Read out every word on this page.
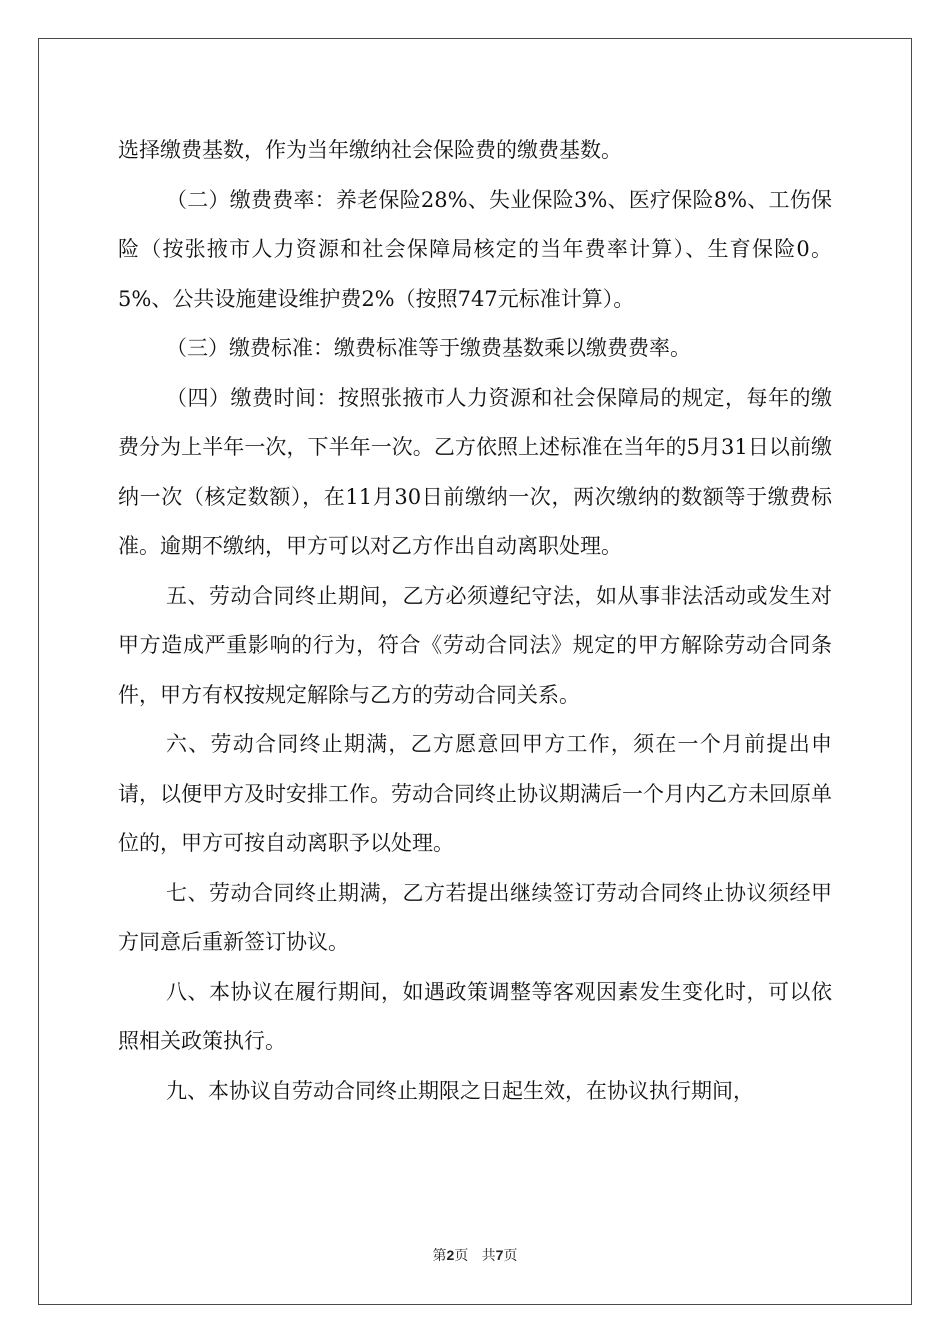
选择缴费基数，作为当年缴纳社会保险费的缴费基数。

（二）缴费费率：养老保险28%、失业保险3%、医疗保险8%、工伤保险（按张掖市人力资源和社会保障局核定的当年费率计算）、生育保险0。5%、公共设施建设维护费2%（按照747元标准计算）。

（三）缴费标准：缴费标准等于缴费基数乘以缴费费率。

（四）缴费时间：按照张掖市人力资源和社会保障局的规定，每年的缴费分为上半年一次，下半年一次。乙方依照上述标准在当年的5月31日以前缴纳一次（核定数额），在11月30日前缴纳一次，两次缴纳的数额等于缴费标准。逾期不缴纳，甲方可以对乙方作出自动离职处理。

五、劳动合同终止期间，乙方必须遵纪守法，如从事非法活动或发生对甲方造成严重影响的行为，符合《劳动合同法》规定的甲方解除劳动合同条件，甲方有权按规定解除与乙方的劳动合同关系。

六、劳动合同终止期满，乙方愿意回甲方工作，须在一个月前提出申请，以便甲方及时安排工作。劳动合同终止协议期满后一个月内乙方未回原单位的，甲方可按自动离职予以处理。

七、劳动合同终止期满，乙方若提出继续签订劳动合同终止协议须经甲方同意后重新签订协议。

八、本协议在履行期间，如遇政策调整等客观因素发生变化时，可以依照相关政策执行。

九、本协议自劳动合同终止期限之日起生效，在协议执行期间，

第2页 共7页
